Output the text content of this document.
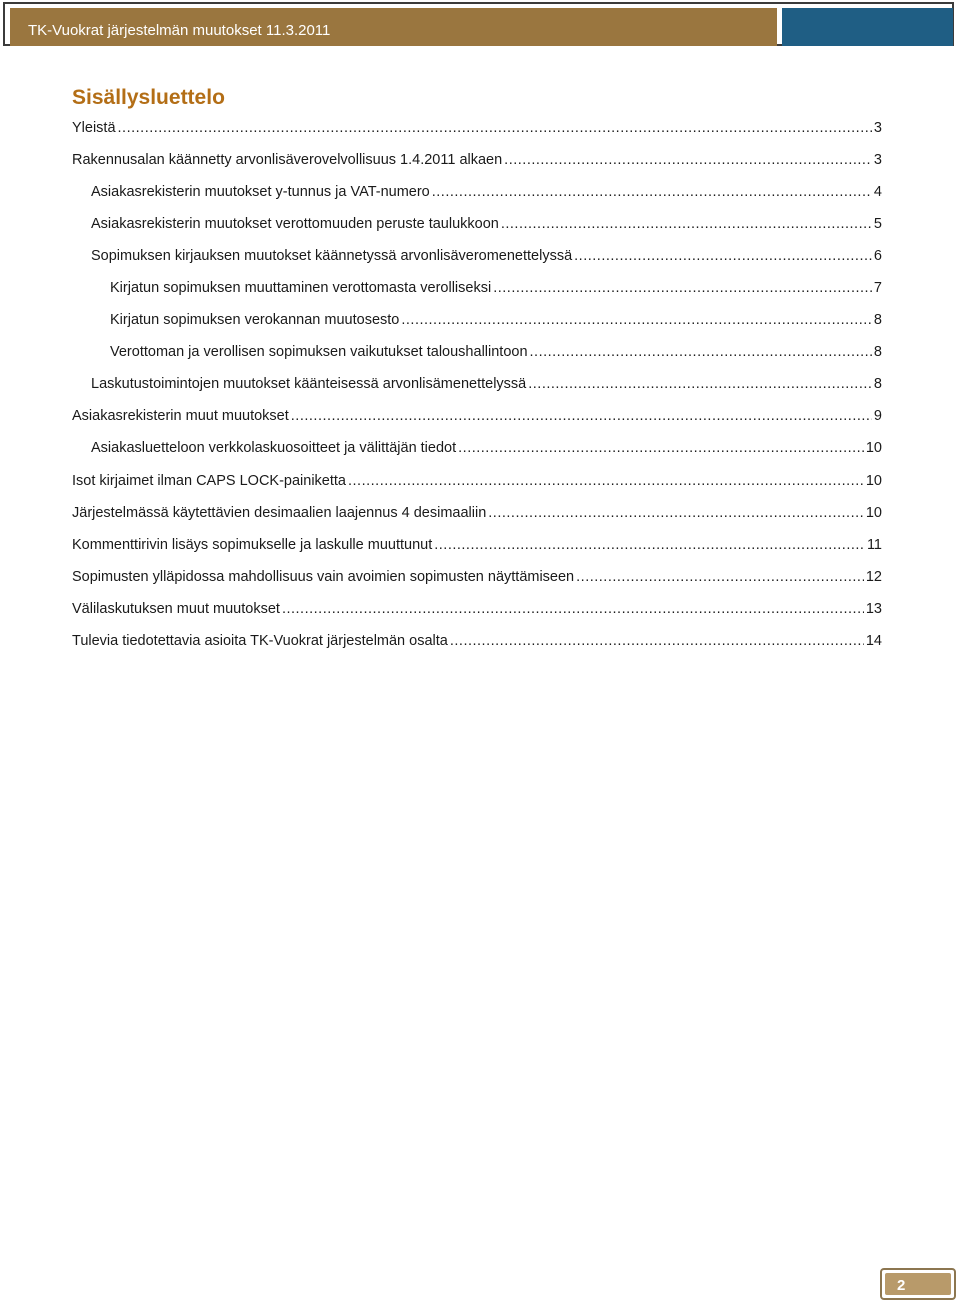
TK-Vuokrat järjestelmän muutokset 11.3.2011
Sisällysluettelo
Yleistä .....	3
Rakennusalan käännetty arvonlisäverovelvollisuus 1.4.2011 alkaen .....	3
Asiakasrekisterin muutokset y-tunnus ja VAT-numero .....	4
Asiakasrekisterin muutokset verottomuuden peruste taulukkoon .....	5
Sopimuksen kirjauksen muutokset käännetyssä arvonlisäveromenettelyssä .....	6
Kirjatun sopimuksen muuttaminen verottomasta verolliseksi .....	7
Kirjatun sopimuksen verokannan muutosesto .....	8
Verottoman ja verollisen sopimuksen vaikutukset taloushallintoon .....	8
Laskutustoimintojen muutokset käänteisessä arvonlisämenettelyssä .....	8
Asiakasrekisterin muut muutokset .....	9
Asiakasluetteloon verkkolaskuosoitteet ja välittäjän tiedot .....	10
Isot kirjaimet ilman CAPS LOCK-painiketta .....	10
Järjestelmässä käytettävien desimaalien laajennus 4 desimaaliin .....	10
Kommenttirivin lisäys sopimukselle ja laskulle muuttunut .....	11
Sopimusten ylläpidossa mahdollisuus vain avoimien sopimusten näyttämiseen .....	12
Välilaskutuksen muut muutokset .....	13
Tulevia tiedotettavia asioita TK-Vuokrat järjestelmän osalta .....	14
2
